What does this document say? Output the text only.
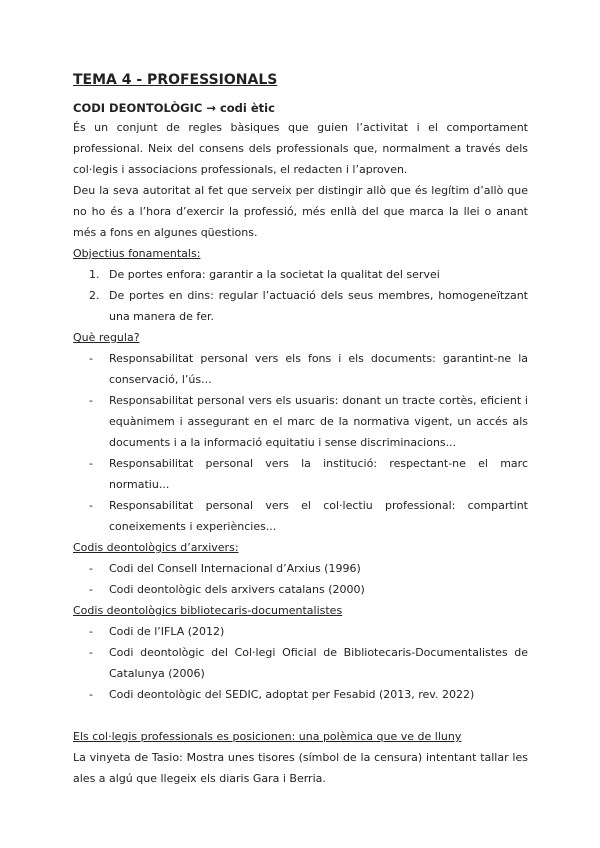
TEMA 4 - PROFESSIONALS
CODI DEONTOLÒGIC → codi ètic

És un conjunt de regles bàsiques que guien l’activitat i el comportament professional. Neix del consens dels professionals que, normalment a través dels col·legis i associacions professionals, el redacten i l’aproven.

Deu la seva autoritat al fet que serveix per distingir allò que és legítim d’allò que no ho és a l’hora d’exercir la professió, més enllà del que marca la llei o anant més a fons en algunes qüestions.

Objectius fonamentals:
1. De portes enfora: garantir a la societat la qualitat del servei
2. De portes en dins: regular l’actuació dels seus membres, homogeneïtzant una manera de fer.
Què regula?
-	Responsabilitat personal vers els fons i els documents: garantint-ne la conservació, l’ús...
-	Responsabilitat personal vers els usuaris: donant un tracte cortès, eficient i equànimem i assegurant en el marc de la normativa vigent, un accés als documents i a la informació equitatiu i sense discriminacions...
-	Responsabilitat personal vers la institució: respectant-ne el marc normatiu...
-	Responsabilitat personal vers el col·lectiu professional: compartint coneixements i experiències...
Codis deontològics d’arxivers:
-	Codi del Consell Internacional d’Arxius (1996)
-	Codi deontològic dels arxivers catalans (2000)
Codis deontològics bibliotecaris-documentalistes
-	Codi de l’IFLA (2012)
-	Codi deontològic del Col·legi Oficial de Bibliotecaris-Documentalistes de Catalunya (2006)
-	Codi deontològic del SEDIC, adoptat per Fesabid (2013, rev. 2022)
Els col·legis professionals es posicionen: una polèmica que ve de lluny

La vinyeta de Tasio: Mostra unes tisores (símbol de la censura) intentant tallar les ales a algú que llegeix els diaris Gara i Berria.
